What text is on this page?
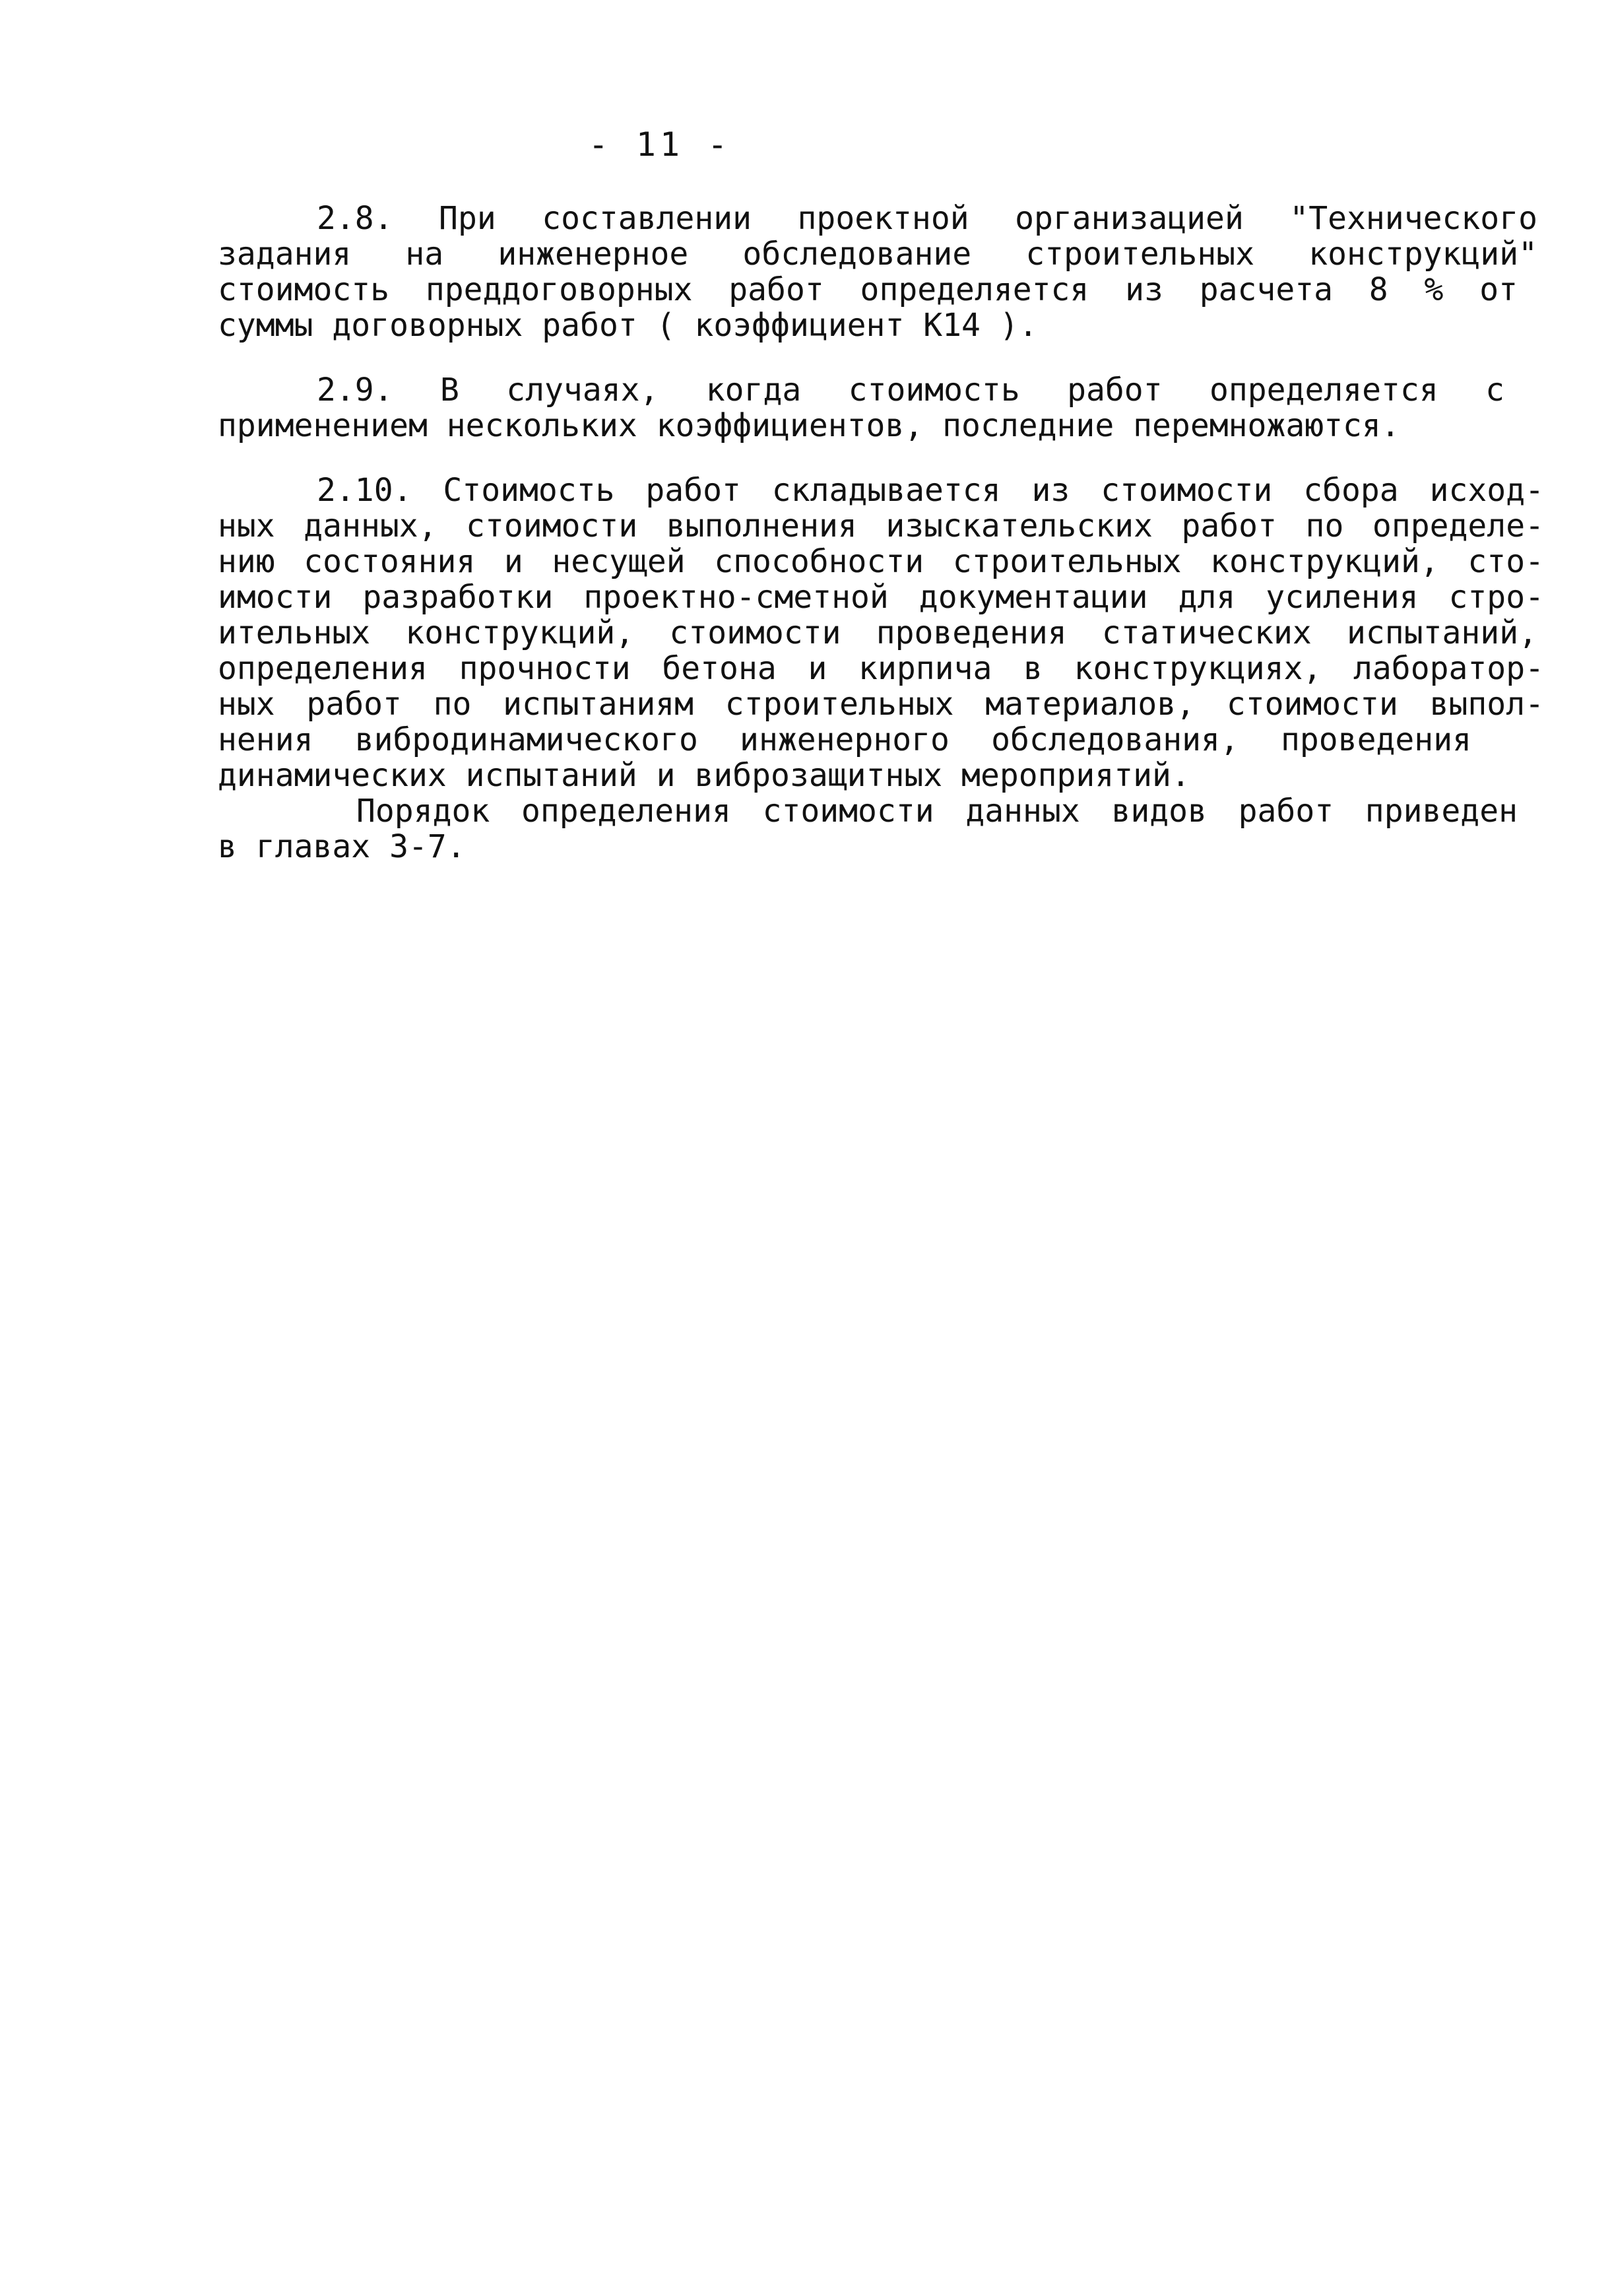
- 11 -
2.8. При составлении проектной организацией "Технического
задания на инженерное обследование строительных конструкций"
стоимость преддоговорных работ определяется из расчета 8 % от
суммы договорных работ ( коэффициент К14 ).
2.9. В случаях, когда стоимость работ определяется с
применением нескольких коэффициентов, последние перемножаются.
2.10. Стоимость работ складывается из стоимости сбора исход-
ных данных, стоимости выполнения изыскательских работ по определе-
нию состояния и несущей способности строительных конструкций, сто-
имости разработки проектно-сметной документации для усиления стро-
ительных конструкций, стоимости проведения статических испытаний,
определения прочности бетона и кирпича в конструкциях, лаборатор-
ных работ по испытаниям строительных материалов, стоимости выпол-
нения вибродинамического инженерного обследования, проведения
динамических испытаний и виброзащитных мероприятий.
Порядок определения стоимости данных видов работ приведен
в главах 3-7.
